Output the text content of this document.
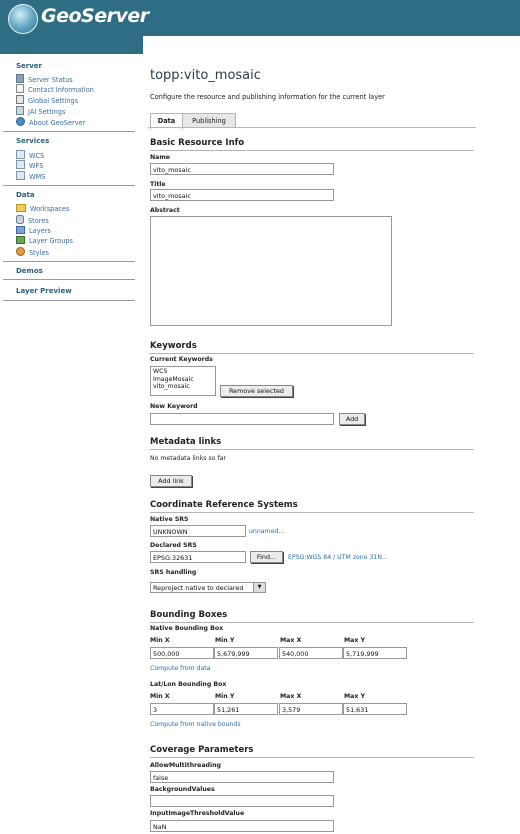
GeoServer
Server
Server Status
Contact Information
Global Settings
JAI Settings
About GeoServer
Services
WCS
WFS
WMS
Data
Workspaces
Stores
Layers
Layer Groups
Styles
Demos
Layer Preview
topp:vito_mosaic
Configure the resource and publishing information for the current layer
Data	Publishing
Basic Resource Info
Name
vito_mosaic
Title
vito_mosaic
Abstract
Keywords
Current Keywords
WCS
ImageMosaic
vito_mosaic
Remove selected
New Keyword
Add
Metadata links
No metadata links so far
Add link
Coordinate Reference Systems
Native SRS
UNKNOWN	unnamed...
Declared SRS
EPSG:32631	Find...	EPSG:WGS 84 / UTM zone 31N...
SRS handling
Reproject native to declared	▼
Bounding Boxes
Native Bounding Box
Min X	Min Y	Max X	Max Y
500,000	5,679,999	540,000	5,719,999
Compute from data
Lat/Lon Bounding Box
Min X	Min Y	Max X	Max Y
3	51,261	3,579	51,631
Compute from native bounds
Coverage Parameters
AllowMultithreading
false
BackgroundValues
InputImageThresholdValue
NaN
